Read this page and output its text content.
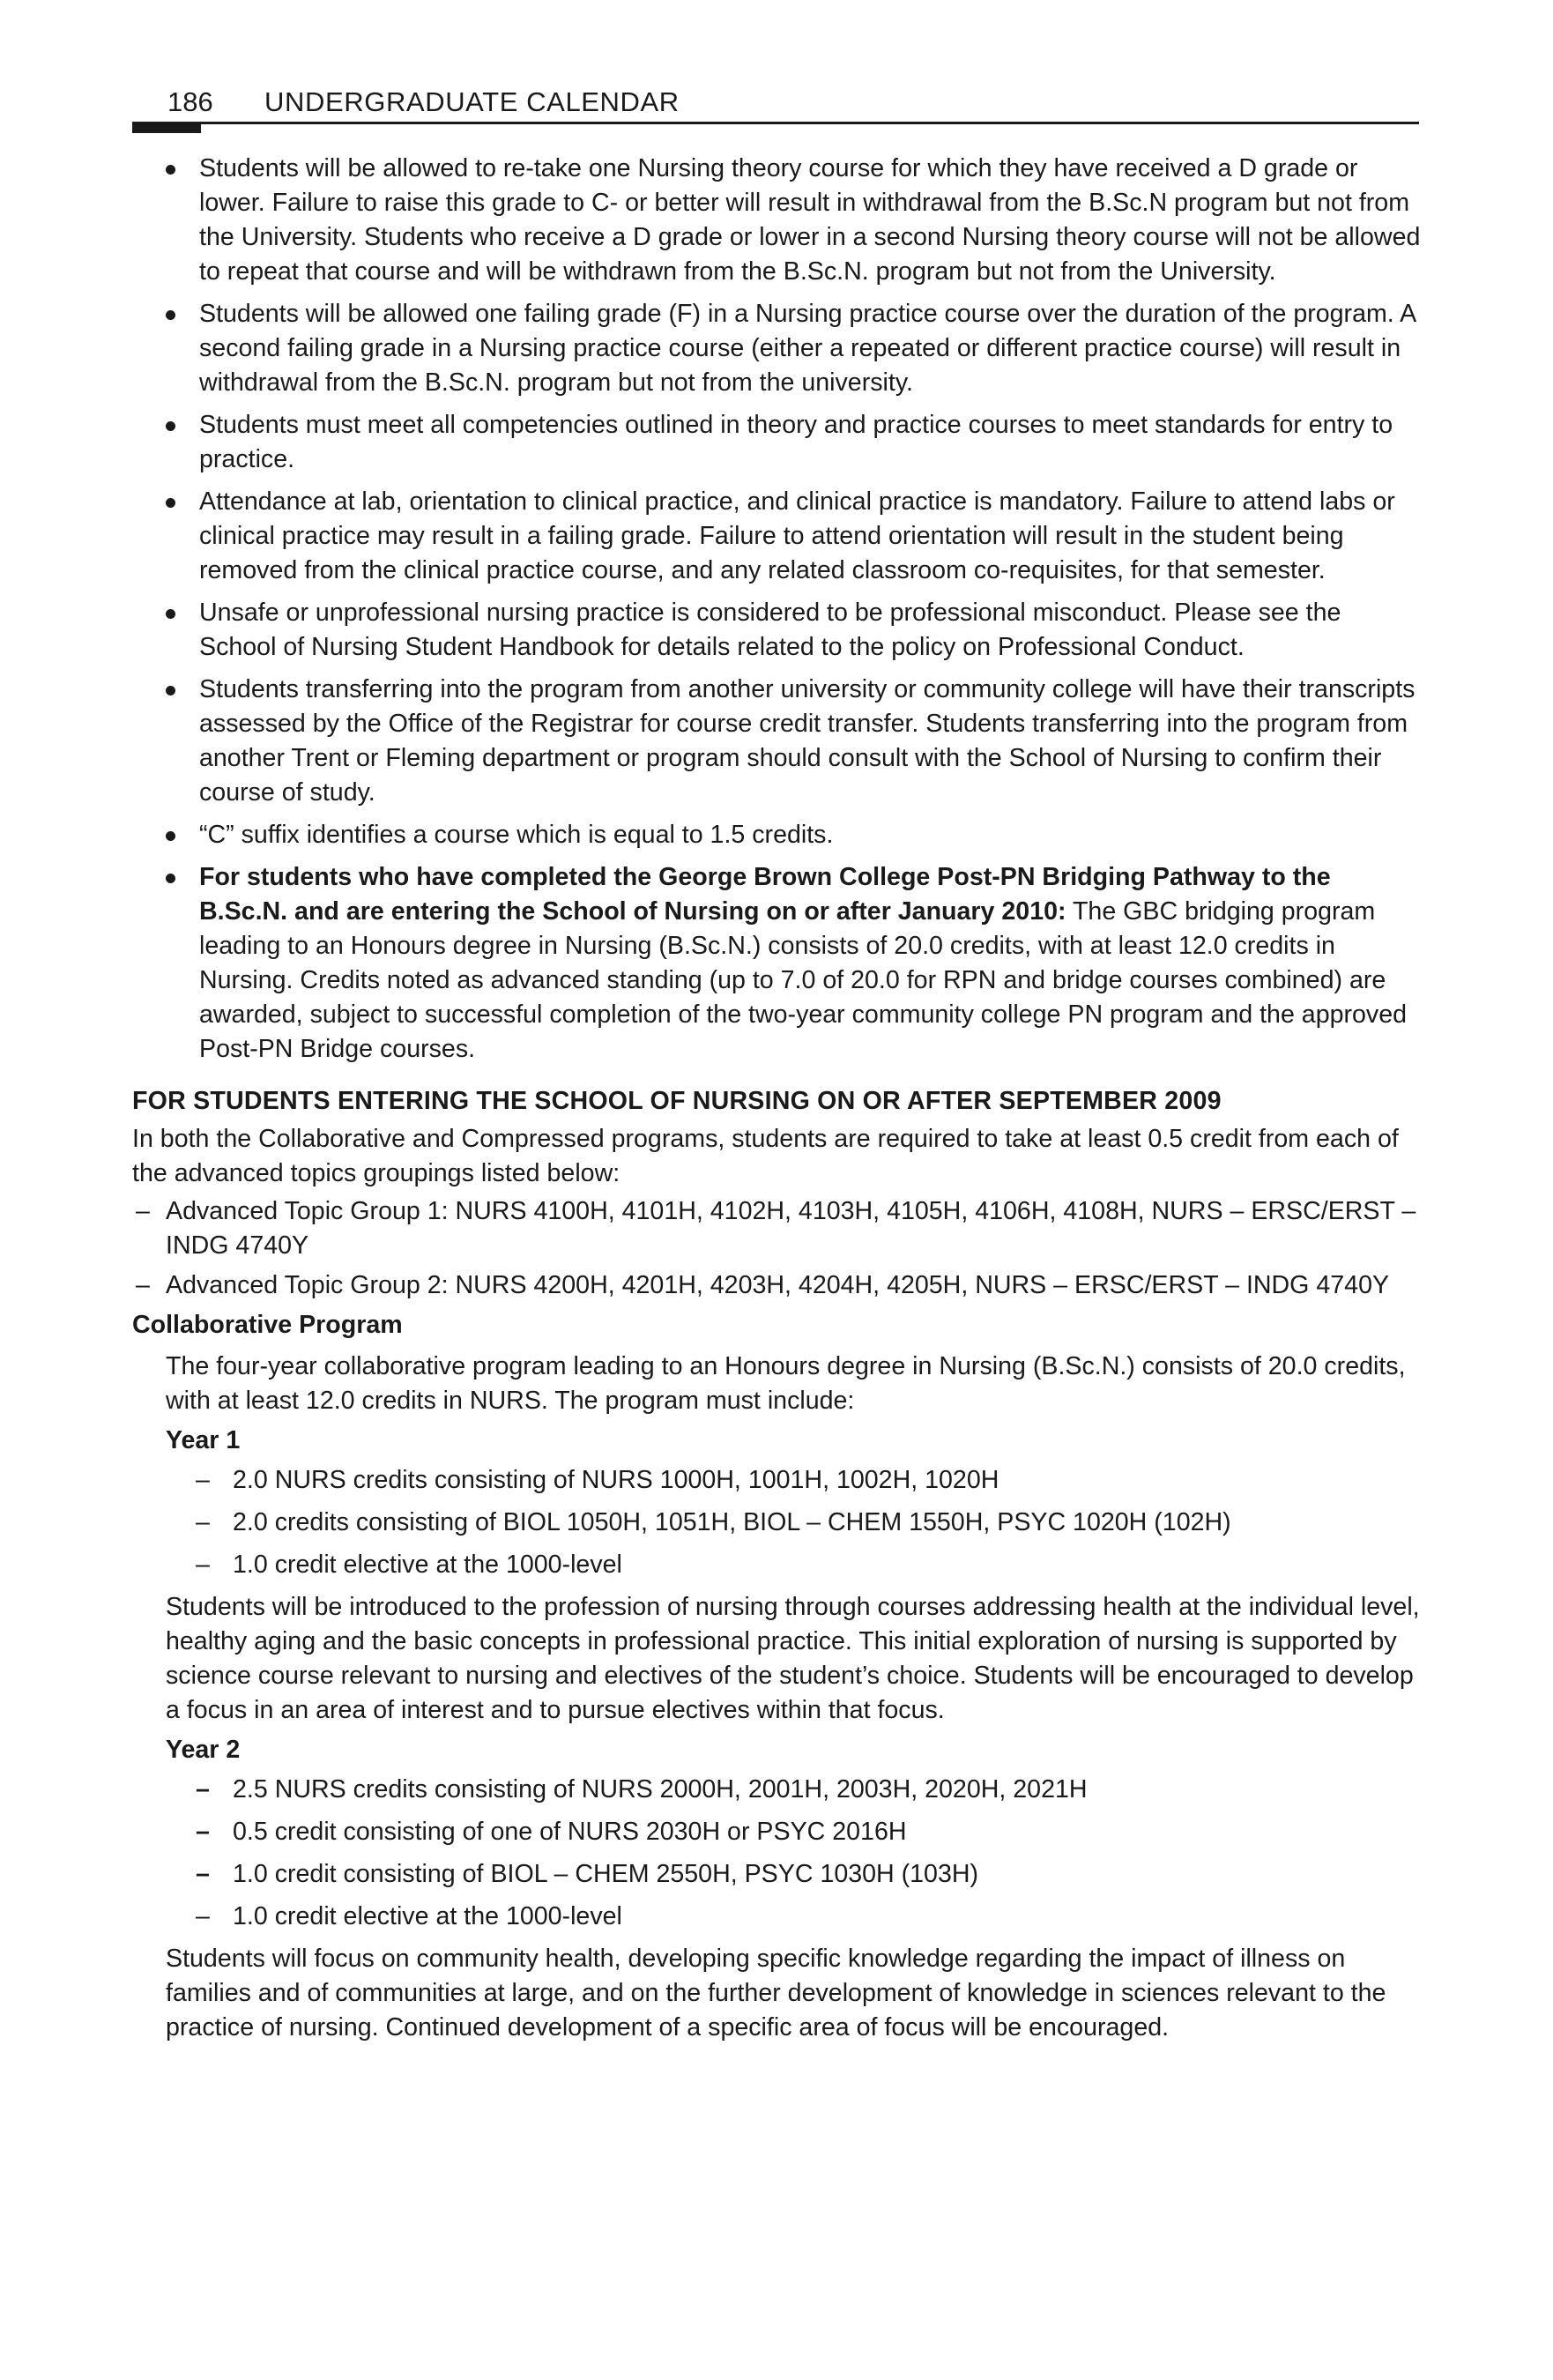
186 UNDERGRADUATE CALENDAR
Students will be allowed to re-take one Nursing theory course for which they have received a D grade or lower. Failure to raise this grade to C- or better will result in withdrawal from the B.Sc.N program but not from the University. Students who receive a D grade or lower in a second Nursing theory course will not be allowed to repeat that course and will be withdrawn from the B.Sc.N. program but not from the University.
Students will be allowed one failing grade (F) in a Nursing practice course over the duration of the program. A second failing grade in a Nursing practice course (either a repeated or different practice course) will result in withdrawal from the B.Sc.N. program but not from the university.
Students must meet all competencies outlined in theory and practice courses to meet standards for entry to practice.
Attendance at lab, orientation to clinical practice, and clinical practice is mandatory. Failure to attend labs or clinical practice may result in a failing grade. Failure to attend orientation will result in the student being removed from the clinical practice course, and any related classroom co-requisites, for that semester.
Unsafe or unprofessional nursing practice is considered to be professional misconduct. Please see the School of Nursing Student Handbook for details related to the policy on Professional Conduct.
Students transferring into the program from another university or community college will have their transcripts assessed by the Office of the Registrar for course credit transfer. Students transferring into the program from another Trent or Fleming department or program should consult with the School of Nursing to confirm their course of study.
“C” suffix identifies a course which is equal to 1.5 credits.
For students who have completed the George Brown College Post-PN Bridging Pathway to the B.Sc.N. and are entering the School of Nursing on or after January 2010: The GBC bridging program leading to an Honours degree in Nursing (B.Sc.N.) consists of 20.0 credits, with at least 12.0 credits in Nursing. Credits noted as advanced standing (up to 7.0 of 20.0 for RPN and bridge courses combined) are awarded, subject to successful completion of the two-year community college PN program and the approved Post-PN Bridge courses.
FOR STUDENTS ENTERING THE SCHOOL OF NURSING ON OR AFTER SEPTEMBER 2009

In both the Collaborative and Compressed programs, students are required to take at least 0.5 credit from each of the advanced topics groupings listed below:

– Advanced Topic Group 1: NURS 4100H, 4101H, 4102H, 4103H, 4105H, 4106H, 4108H, NURS – ERSC/ERST – INDG 4740Y
– Advanced Topic Group 2: NURS 4200H, 4201H, 4203H, 4204H, 4205H, NURS – ERSC/ERST – INDG 4740Y
Collaborative Program

The four-year collaborative program leading to an Honours degree in Nursing (B.Sc.N.) consists of 20.0 credits, with at least 12.0 credits in NURS. The program must include:

Year 1
– 2.0 NURS credits consisting of NURS 1000H, 1001H, 1002H, 1020H
– 2.0 credits consisting of BIOL 1050H, 1051H, BIOL – CHEM 1550H, PSYC 1020H (102H)
– 1.0 credit elective at the 1000-level

Students will be introduced to the profession of nursing through courses addressing health at the individual level, healthy aging and the basic concepts in professional practice. This initial exploration of nursing is supported by science course relevant to nursing and electives of the student’s choice. Students will be encouraged to develop a focus in an area of interest and to pursue electives within that focus.

Year 2
– 2.5 NURS credits consisting of NURS 2000H, 2001H, 2003H, 2020H, 2021H
– 0.5 credit consisting of one of NURS 2030H or PSYC 2016H
– 1.0 credit consisting of BIOL – CHEM 2550H, PSYC 1030H (103H)
– 1.0 credit elective at the 1000-level

Students will focus on community health, developing specific knowledge regarding the impact of illness on families and of communities at large, and on the further development of knowledge in sciences relevant to the practice of nursing. Continued development of a specific area of focus will be encouraged.
